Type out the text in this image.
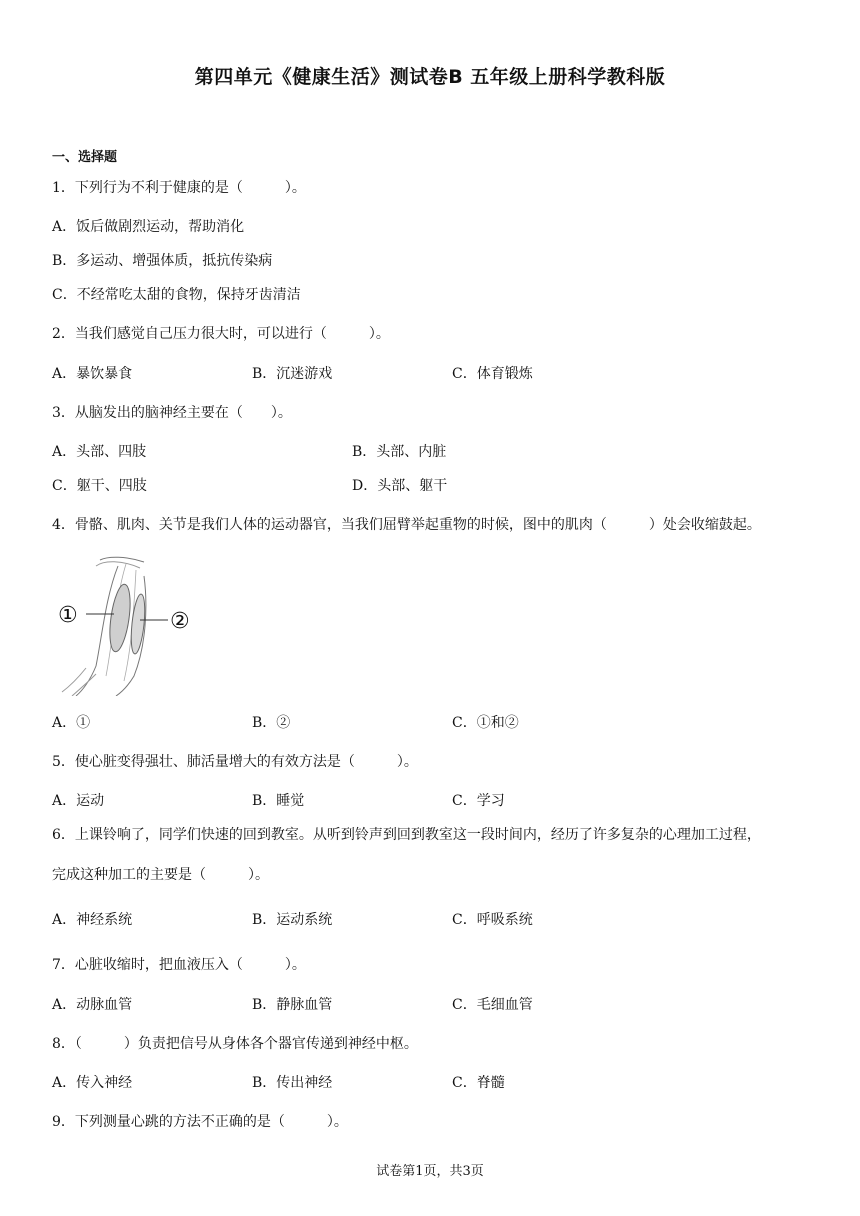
第四单元《健康生活》测试卷B 五年级上册科学教科版
一、选择题
1．下列行为不利于健康的是（　　　）。
A．饭后做剧烈运动，帮助消化
B．多运动、增强体质，抵抗传染病
C．不经常吃太甜的食物，保持牙齿清洁
2．当我们感觉自己压力很大时，可以进行（　　　）。
A．暴饮暴食	B．沉迷游戏	C．体育锻炼
3．从脑发出的脑神经主要在（　　）。
A．头部、四肢	B．头部、内脏
C．躯干、四肢	D．头部、躯干
4．骨骼、肌肉、关节是我们人体的运动器官，当我们屈臂举起重物的时候，图中的肌肉（　　　）处会收缩鼓起。
①	②
A．①	B．②	C．①和②
5．使心脏变得强壮、肺活量增大的有效方法是（　　　）。
A．运动	B．睡觉	C．学习
6．上课铃响了，同学们快速的回到教室。从听到铃声到回到教室这一段时间内，经历了许多复杂的心理加工过程，
完成这种加工的主要是（　　　）。
A．神经系统	B．运动系统	C．呼吸系统
7．心脏收缩时，把血液压入（　　　）。
A．动脉血管	B．静脉血管	C．毛细血管
8．（　　　）负责把信号从身体各个器官传递到神经中枢。
A．传入神经	B．传出神经	C．脊髓
9．下列测量心跳的方法不正确的是（　　　）。
试卷第1页，共3页
